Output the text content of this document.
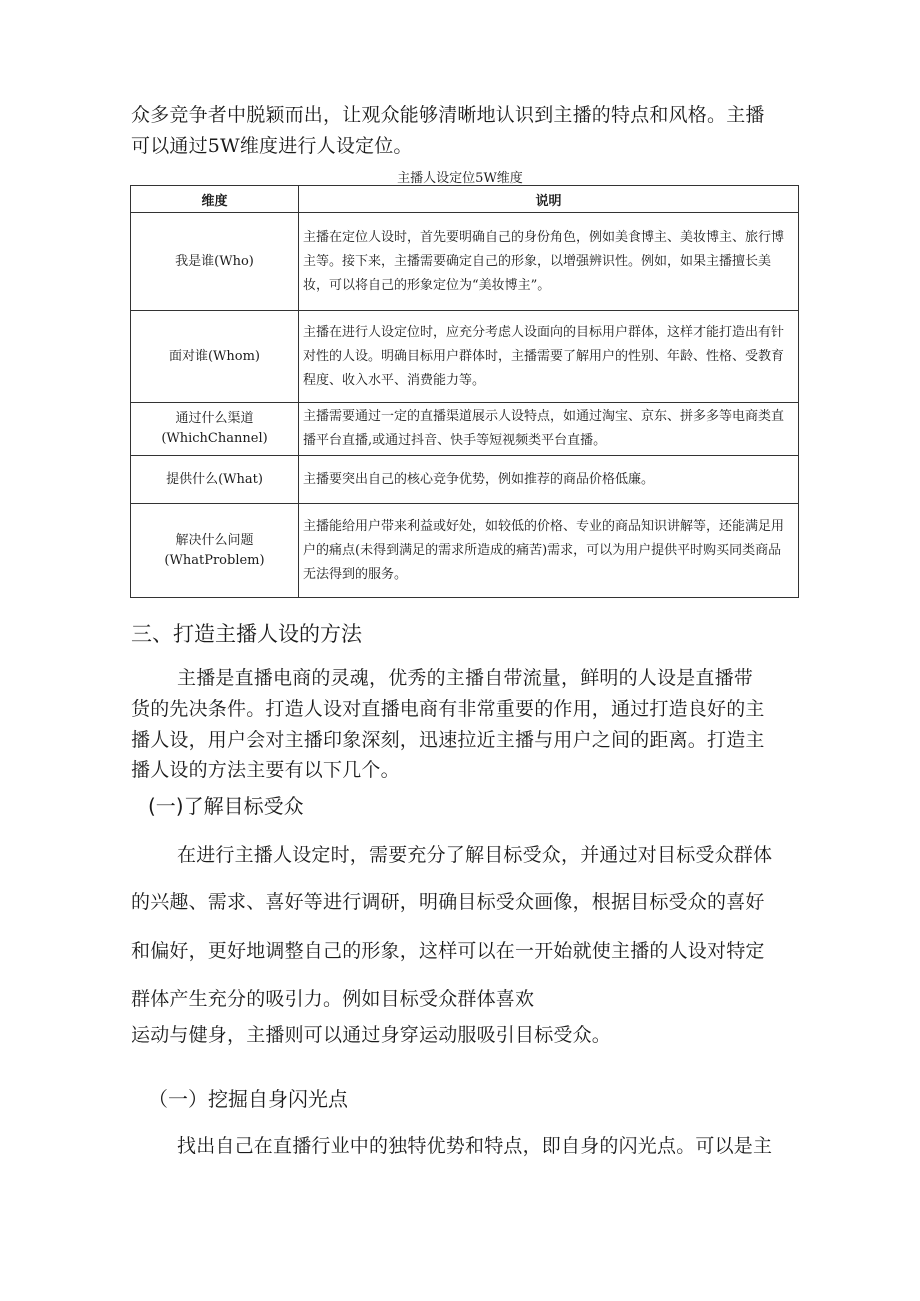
众多竞争者中脱颖而出，让观众能够清晰地认识到主播的特点和风格。主播

可以通过5W维度进行人设定位。

主播人设定位5W维度
维度	说明

我是谁(Who)	主播在定位人设时，首先要明确自己的身份角色，例如美食博主、美妆博主、旅行博主等。接下来，主播需要确定自己的形象，以增强辨识性。例如，如果主播擅长美妆，可以将自己的形象定位为“美妆博主”。

面对谁(Whom)	主播在进行人设定位时，应充分考虑人设面向的目标用户群体，这样才能打造出有针对性的人设。明确目标用户群体时，主播需要了解用户的性别、年龄、性格、受教育程度、收入水平、消费能力等。

通过什么渠道
(WhichChannel)	主播需要通过一定的直播渠道展示人设特点，如通过淘宝、京东、拼多多等电商类直播平台直播,或通过抖音、快手等短视频类平台直播。

提供什么(What)	主播要突出自己的核心竞争优势，例如推荐的商品价格低廉。

解决什么问题
(WhatProblem)	主播能给用户带来利益或好处，如较低的价格、专业的商品知识讲解等，还能满足用户的痛点(未得到满足的需求所造成的痛苦)需求，可以为用户提供平时购买同类商品无法得到的服务。
三、打造主播人设的方法

主播是直播电商的灵魂，优秀的主播自带流量，鲜明的人设是直播带

货的先决条件。打造人设对直播电商有非常重要的作用，通过打造良好的主

播人设，用户会对主播印象深刻，迅速拉近主播与用户之间的距离。打造主

播人设的方法主要有以下几个。

(一)了解目标受众

在进行主播人设定时，需要充分了解目标受众，并通过对目标受众群体

的兴趣、需求、喜好等进行调研，明确目标受众画像，根据目标受众的喜好

和偏好，更好地调整自己的形象，这样可以在一开始就使主播的人设对特定

群体产生充分的吸引力。例如目标受众群体喜欢

运动与健身，主播则可以通过身穿运动服吸引目标受众。

（一）挖掘自身闪光点

找出自己在直播行业中的独特优势和特点，即自身的闪光点。可以是主
